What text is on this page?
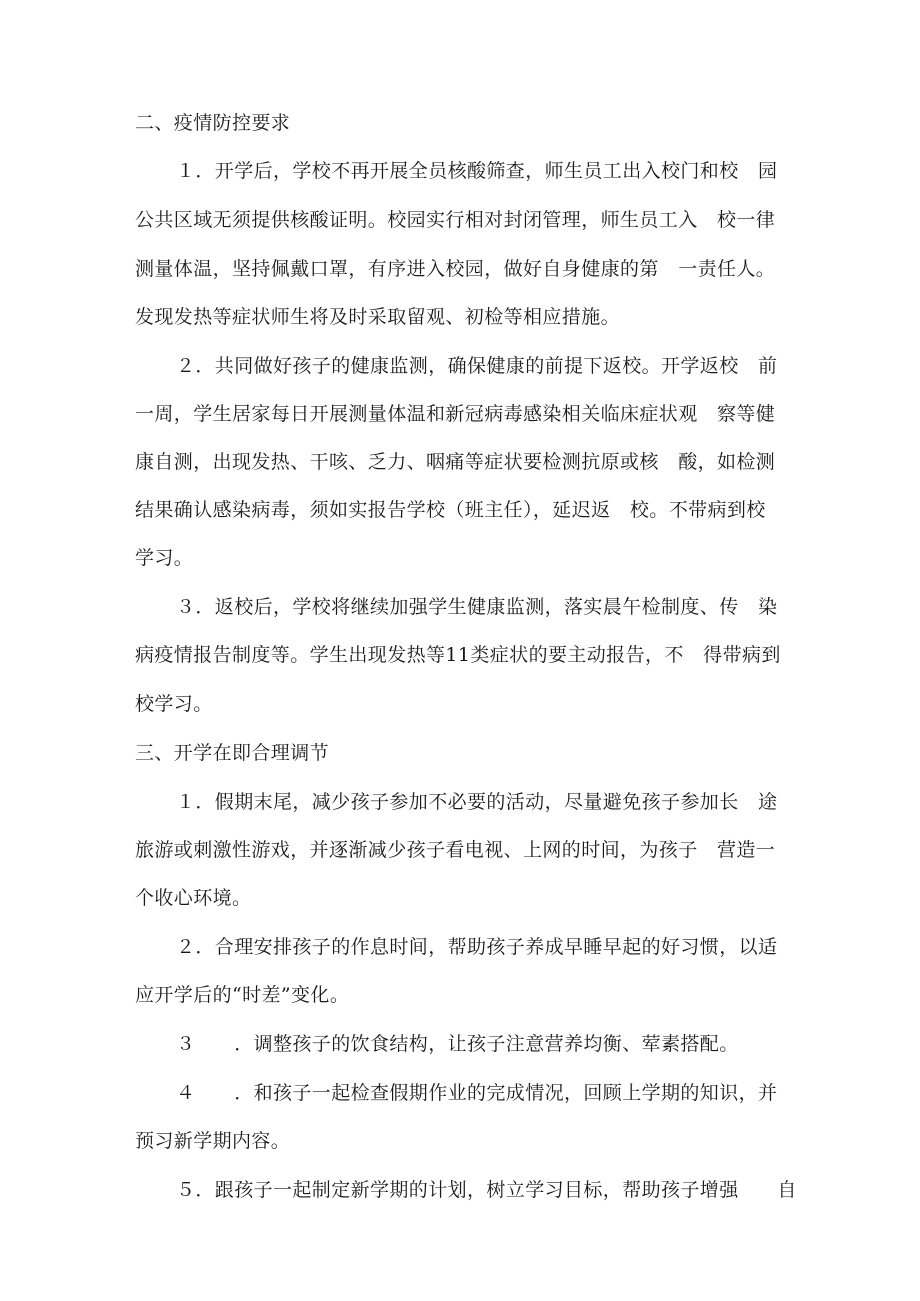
二、疫情防控要求
１．开学后，学校不再开展全员核酸筛查，师生员工出入校门和校　园
公共区域无须提供核酸证明。校园实行相对封闭管理，师生员工入　校一律
测量体温，坚持佩戴口罩，有序进入校园，做好自身健康的第　一责任人。
发现发热等症状师生将及时采取留观、初检等相应措施。
２．共同做好孩子的健康监测，确保健康的前提下返校。开学返校　前
一周，学生居家每日开展测量体温和新冠病毒感染相关临床症状观　察等健
康自测，出现发热、干咳、乏力、咽痛等症状要检测抗原或核　酸，如检测
结果确认感染病毒，须如实报告学校（班主任），延迟返　校。不带病到校
学习。
３．返校后，学校将继续加强学生健康监测，落实晨午检制度、传　染
病疫情报告制度等。学生出现发热等11类症状的要主动报告，不　得带病到
校学习。
三、开学在即合理调节
１．假期末尾，减少孩子参加不必要的活动，尽量避免孩子参加长　途
旅游或刺激性游戏，并逐渐减少孩子看电视、上网的时间，为孩子　营造一
个收心环境。
２．合理安排孩子的作息时间，帮助孩子养成早睡早起的好习惯，以适
应开学后的“时差”变化。
３　　．调整孩子的饮食结构，让孩子注意营养均衡、荤素搭配。
４　　．和孩子一起检查假期作业的完成情况，回顾上学期的知识，并
预习新学期内容。
５．跟孩子一起制定新学期的计划，树立学习目标，帮助孩子增强　　自
